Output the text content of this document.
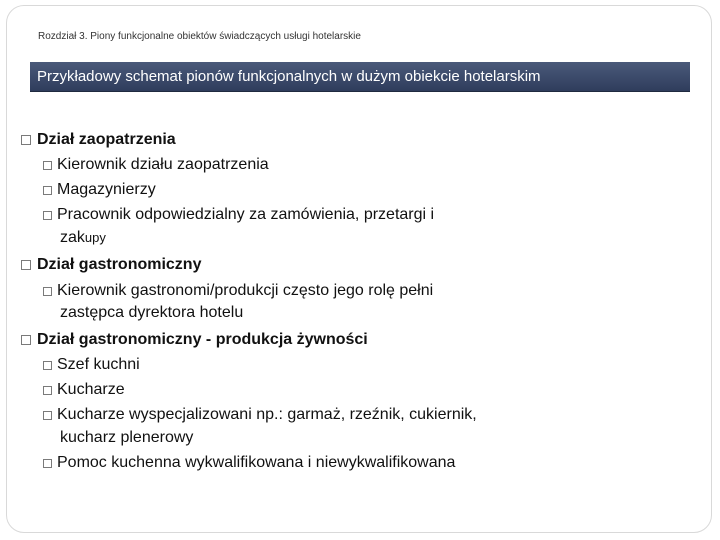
Rozdział 3. Piony funkcjonalne obiektów świadczących usługi hotelarskie
Przykładowy schemat pionów funkcjonalnych w dużym obiekcie hotelarskim
Dział zaopatrzenia
Kierownik działu zaopatrzenia
Magazynierzy
Pracownik odpowiedzialny za zamówienia, przetargi i
zakupy
Dział gastronomiczny
Kierownik gastronomi/produkcji często jego rolę pełni
zastępca dyrektora hotelu
Dział gastronomiczny - produkcja żywności
Szef kuchni
Kucharze
Kucharze wyspecjalizowani np.: garmaż, rzeźnik, cukiernik,
kucharz plenerowy
Pomoc kuchenna wykwalifikowana i niewykwalifikowana
